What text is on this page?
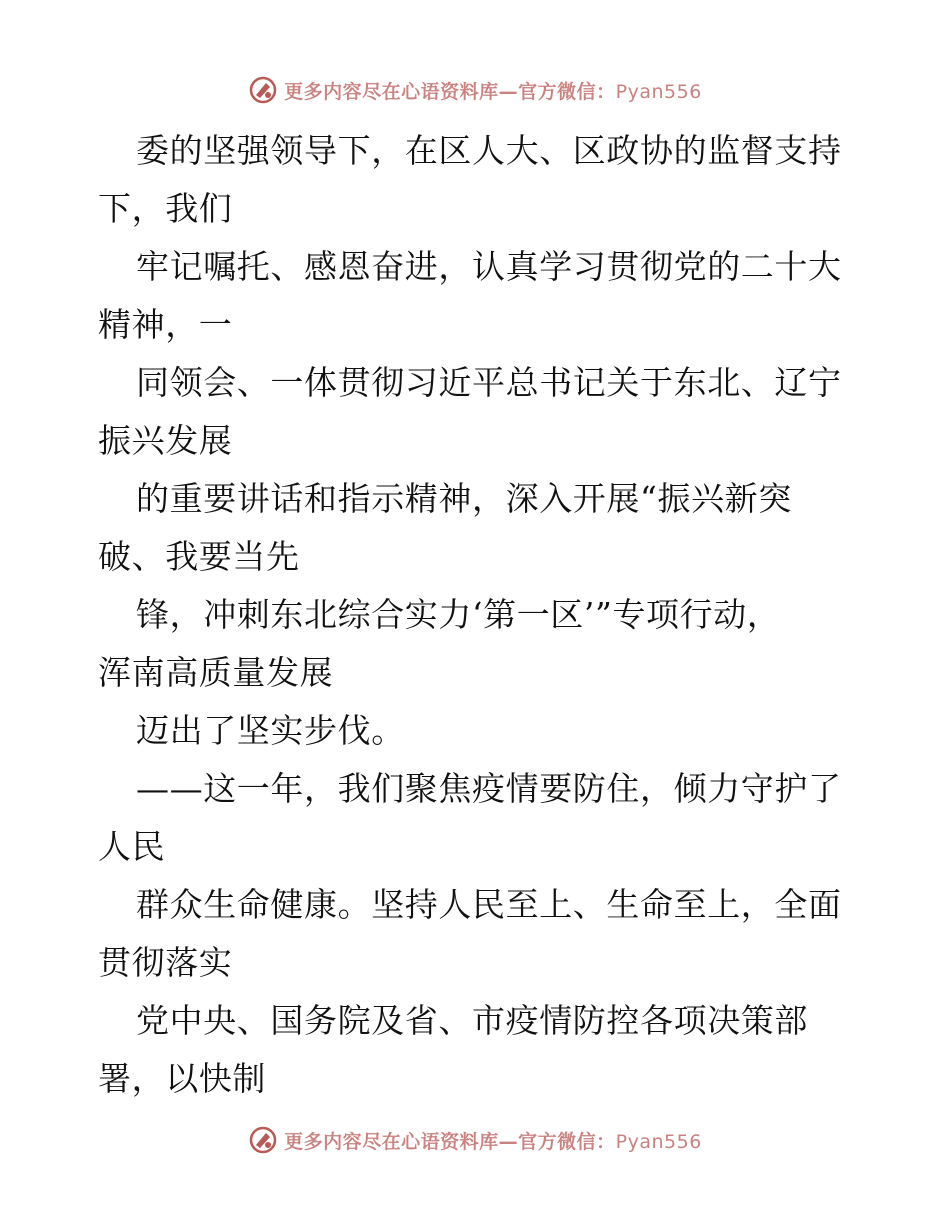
更多内容尽在心语资料库—官方微信：Pyan556
委的坚强领导下，在区人大、区政协的监督支持
下，我们
牢记嘱托、感恩奋进，认真学习贯彻党的二十大
精神，一
同领会、一体贯彻习近平总书记关于东北、辽宁
振兴发展
的重要讲话和指示精神，深入开展“振兴新突
破、我要当先
锋，冲刺东北综合实力‘第一区’”专项行动，
浑南高质量发展
迈出了坚实步伐。
——这一年，我们聚焦疫情要防住，倾力守护了
人民
群众生命健康。坚持人民至上、生命至上，全面
贯彻落实
党中央、国务院及省、市疫情防控各项决策部
署，以快制
更多内容尽在心语资料库—官方微信：Pyan556
